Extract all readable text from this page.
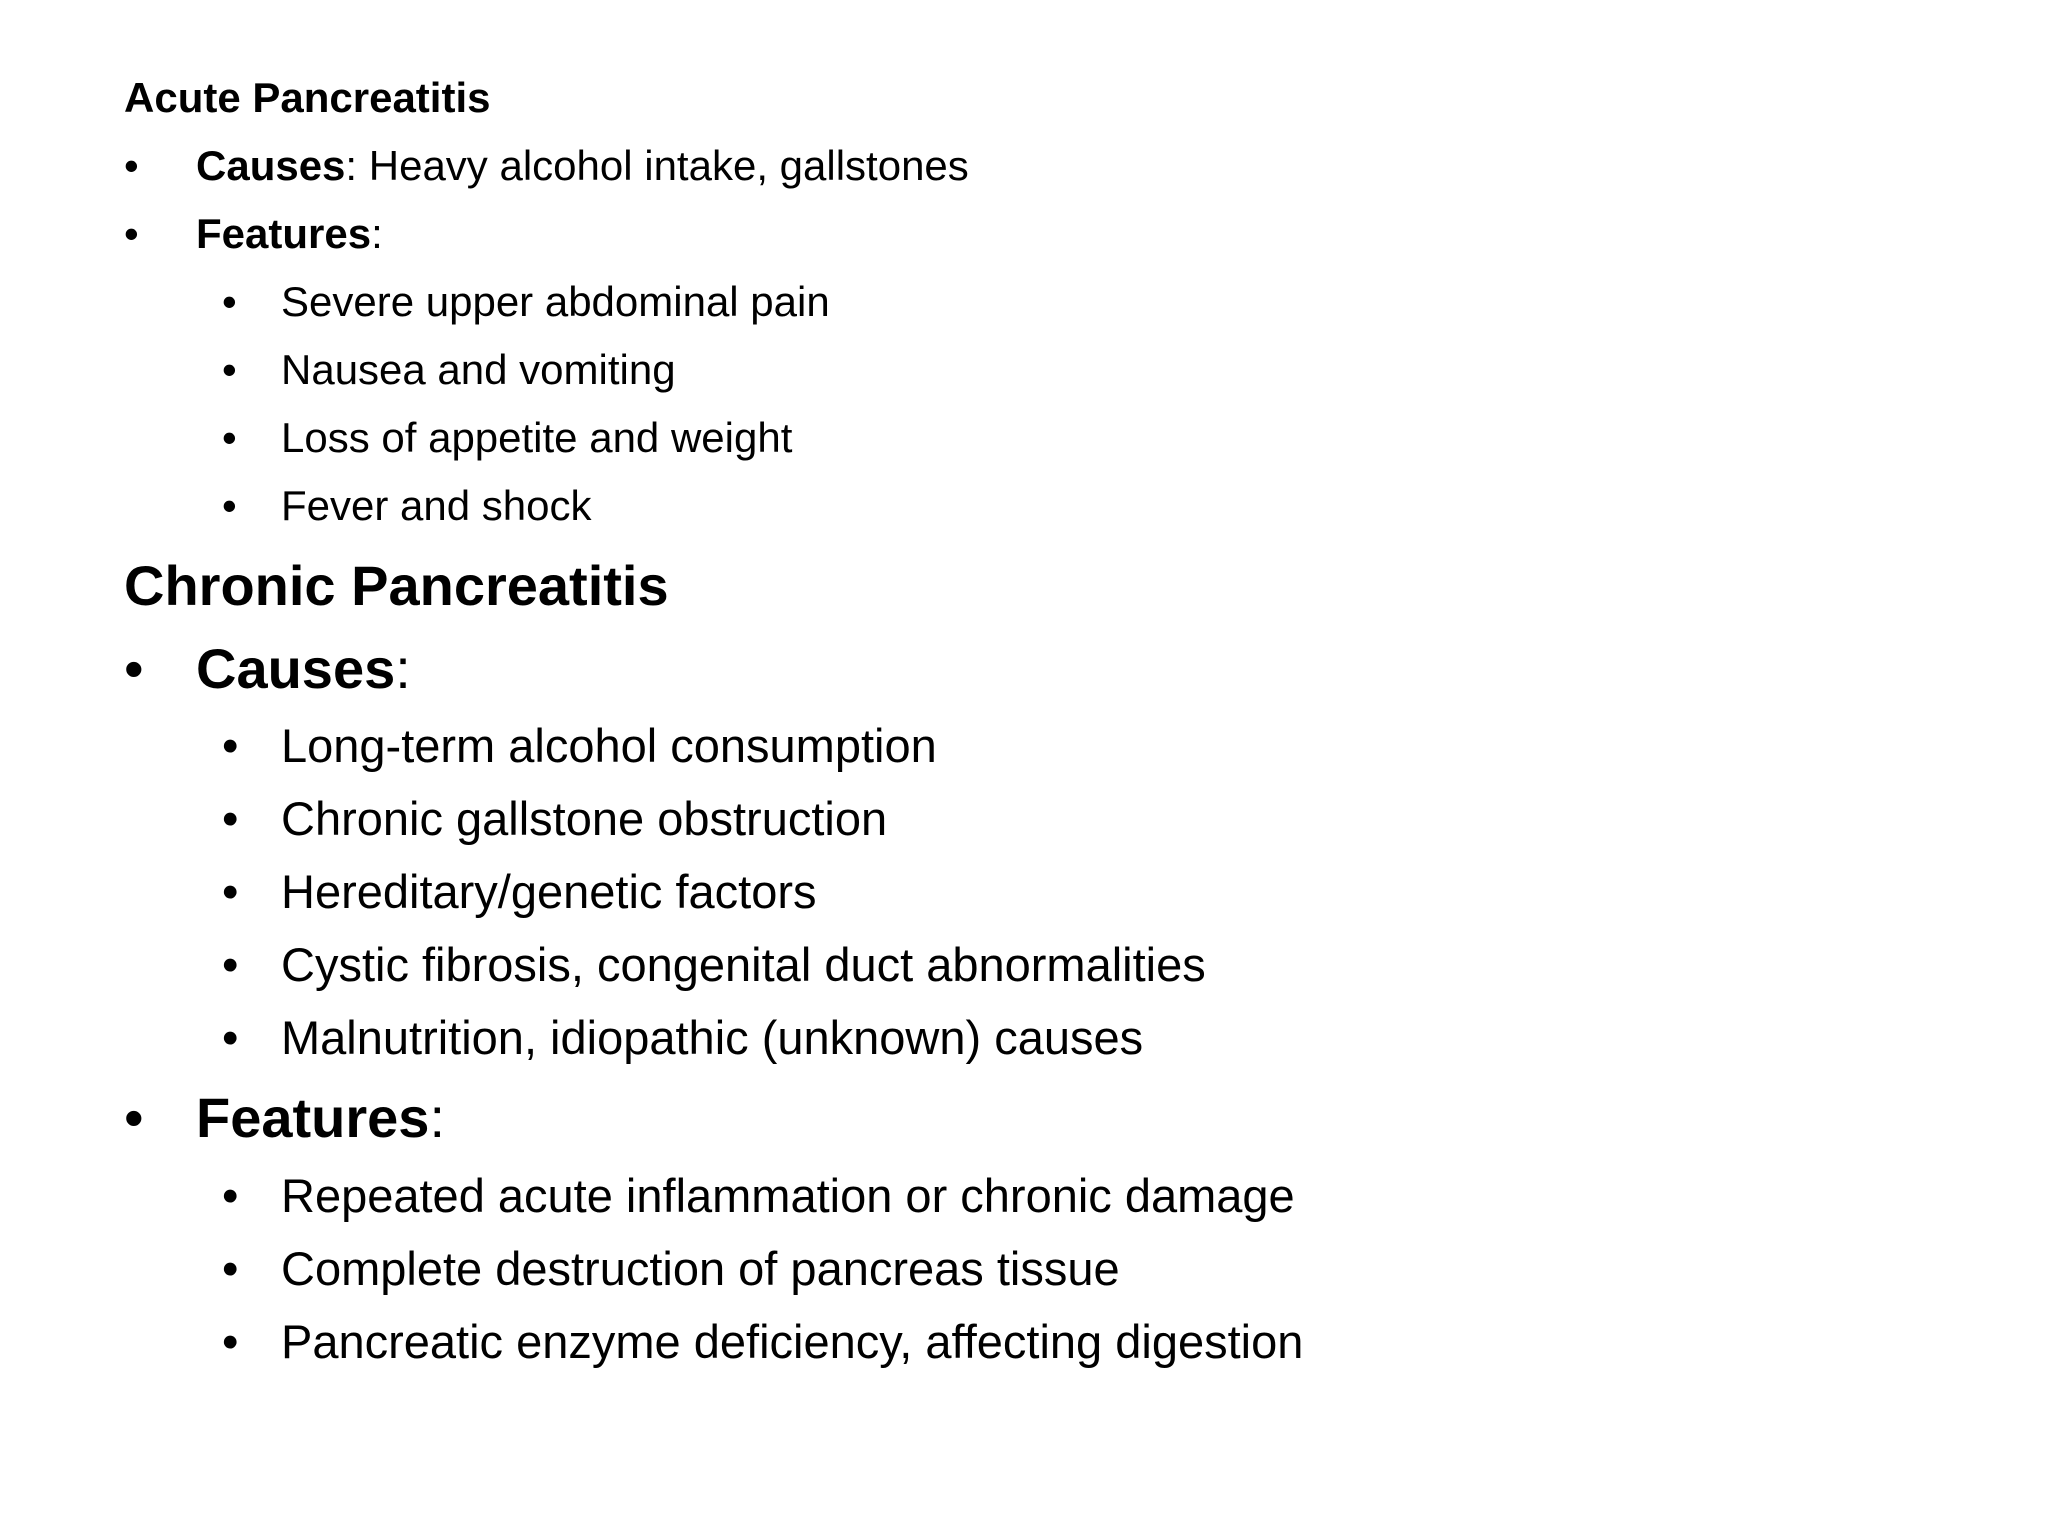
Acute Pancreatitis
• Causes: Heavy alcohol intake, gallstones
• Features:
• Severe upper abdominal pain
• Nausea and vomiting
• Loss of appetite and weight
• Fever and shock
Chronic Pancreatitis
• Causes:
• Long-term alcohol consumption
• Chronic gallstone obstruction
• Hereditary/genetic factors
• Cystic fibrosis, congenital duct abnormalities
• Malnutrition, idiopathic (unknown) causes
• Features:
• Repeated acute inflammation or chronic damage
• Complete destruction of pancreas tissue
• Pancreatic enzyme deficiency, affecting digestion
